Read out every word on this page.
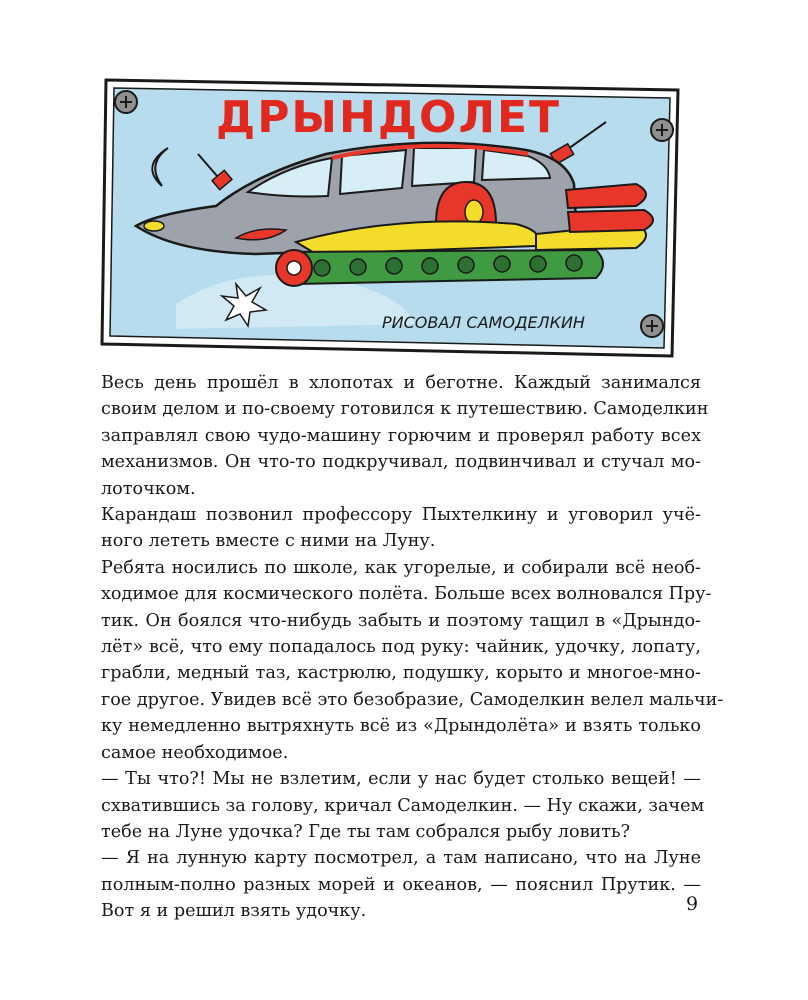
ДРЫНДОЛЕТ
РИСОВАЛ САМОДЕЛКИН

Весь день прошёл в хлопотах и беготне. Каждый занимался
своим делом и по-своему готовился к путешествию. Самоделкин
заправлял свою чудо-машину горючим и проверял работу всех
механизмов. Он что-то подкручивал, подвинчивал и стучал мо-
лоточком.

Карандаш позвонил профессору Пыхтелкину и уговорил учё-
ного лететь вместе с ними на Луну.

Ребята носились по школе, как угорелые, и собирали всё необ-
ходимое для космического полёта. Больше всех волновался Пру-
тик. Он боялся что-нибудь забыть и поэтому тащил в «Дрындо-
лёт» всё, что ему попадалось под руку: чайник, удочку, лопату,
грабли, медный таз, кастрюлю, подушку, корыто и многое-мно-
гое другое. Увидев всё это безобразие, Самоделкин велел мальчи-
ку немедленно вытряхнуть всё из «Дрындолёта» и взять только
самое необходимое.

— Ты что?! Мы не взлетим, если у нас будет столько вещей! —
схватившись за голову, кричал Самоделкин. — Ну скажи, зачем
тебе на Луне удочка? Где ты там собрался рыбу ловить?

— Я на лунную карту посмотрел, а там написано, что на Луне
полным-полно разных морей и океанов, — пояснил Прутик. —
Вот я и решил взять удочку.	9
